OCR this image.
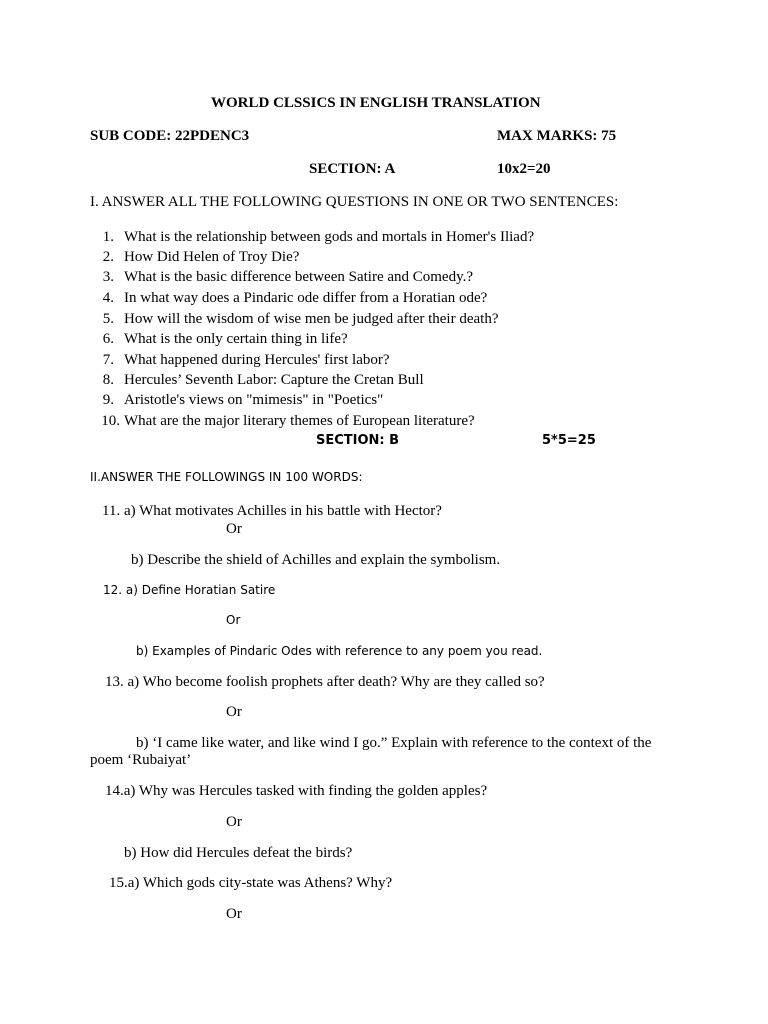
WORLD CLSSICS IN ENGLISH TRANSLATION
SUB CODE: 22PDENC3	MAX MARKS: 75
SECTION: A	10x2=20
I. ANSWER ALL THE FOLLOWING QUESTIONS IN ONE OR TWO SENTENCES:
1. What is the relationship between gods and mortals in Homer's Iliad?
2. How Did Helen of Troy Die?
3. What is the basic difference between Satire and Comedy.?
4. In what way does a Pindaric ode differ from a Horatian ode?
5. How will the wisdom of wise men be judged after their death?
6. What is the only certain thing in life?
7. What happened during Hercules' first labor?
8. Hercules’ Seventh Labor: Capture the Cretan Bull
9. Aristotle's views on "mimesis" in "Poetics"
10. What are the major literary themes of European literature?
SECTION: B	5*5=25
II.ANSWER THE FOLLOWINGS IN 100 WORDS:
11. a) What motivates Achilles in his battle with Hector?
Or
b) Describe the shield of Achilles and explain the symbolism.
12. a) Define Horatian Satire
Or
b) Examples of Pindaric Odes with reference to any poem you read.
13. a) Who become foolish prophets after death? Why are they called so?
Or
b) ‘I came like water, and like wind I go.” Explain with reference to the context of the
poem ‘Rubaiyat’
14.a) Why was Hercules tasked with finding the golden apples?
Or
b) How did Hercules defeat the birds?
15.a) Which gods city-state was Athens? Why?
Or
